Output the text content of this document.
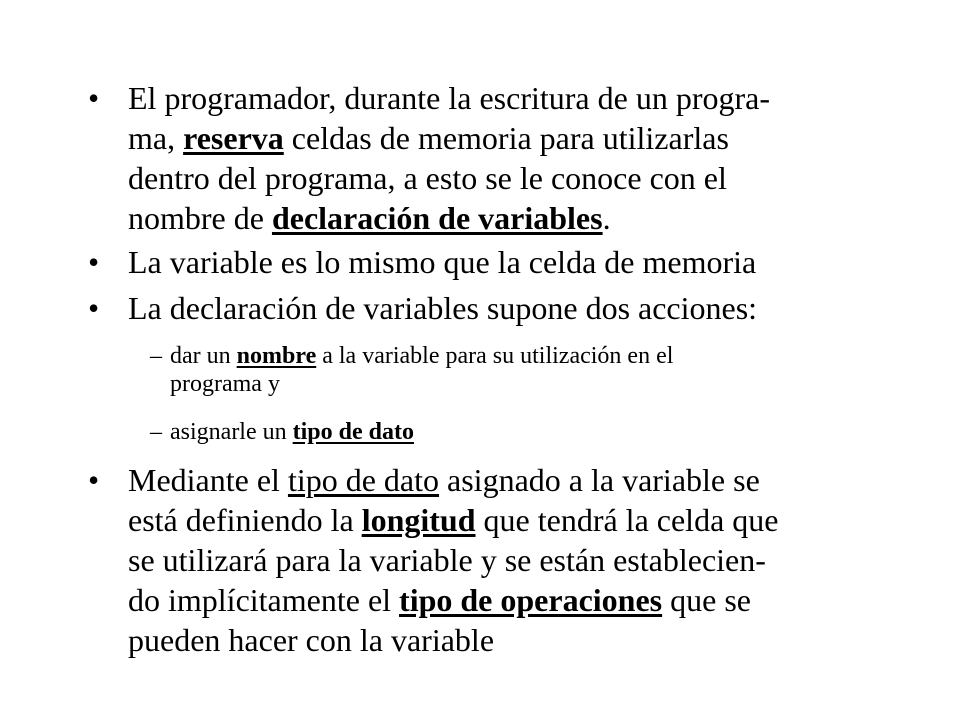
• El programador, durante la escritura de un progra-
ma, reserva celdas de memoria para utilizarlas
dentro del programa, a esto se le conoce con el
nombre de declaración de variables.
• La variable es lo mismo que la celda de memoria
• La declaración de variables supone dos acciones:
– dar un nombre a la variable para su utilización en el
programa y
– asignarle un tipo de dato
• Mediante el tipo de dato asignado a la variable se
está definiendo la longitud que tendrá la celda que
se utilizará para la variable y se están establecien-
do implícitamente el tipo de operaciones que se
pueden hacer con la variable
